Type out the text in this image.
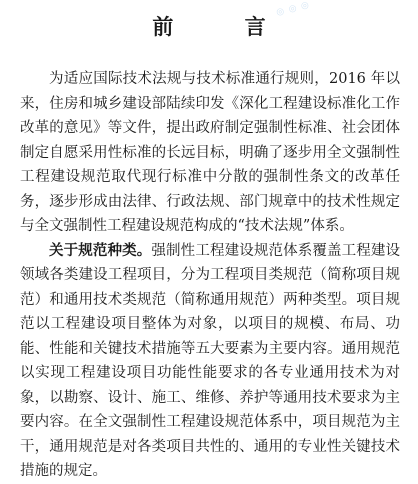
◎ ◎ ◎
前 言

为适应国际技术法规与技术标准通行规则，2016 年以来，住房和城乡建设部陆续印发《深化工程建设标准化工作改革的意见》等文件，提出政府制定强制性标准、社会团体制定自愿采用性标准的长远目标，明确了逐步用全文强制性工程建设规范取代现行标准中分散的强制性条文的改革任务，逐步形成由法律、行政法规、部门规章中的技术性规定与全文强制性工程建设规范构成的“技术法规”体系。

关于规范种类。强制性工程建设规范体系覆盖工程建设领域各类建设工程项目，分为工程项目类规范（简称项目规范）和通用技术类规范（简称通用规范）两种类型。项目规范以工程建设项目整体为对象，以项目的规模、布局、功能、性能和关键技术措施等五大要素为主要内容。通用规范以实现工程建设项目功能性能要求的各专业通用技术为对象，以勘察、设计、施工、维修、养护等通用技术要求为主要内容。在全文强制性工程建设规范体系中，项目规范为主干，通用规范是对各类项目共性的、通用的专业性关键技术措施的规定。
